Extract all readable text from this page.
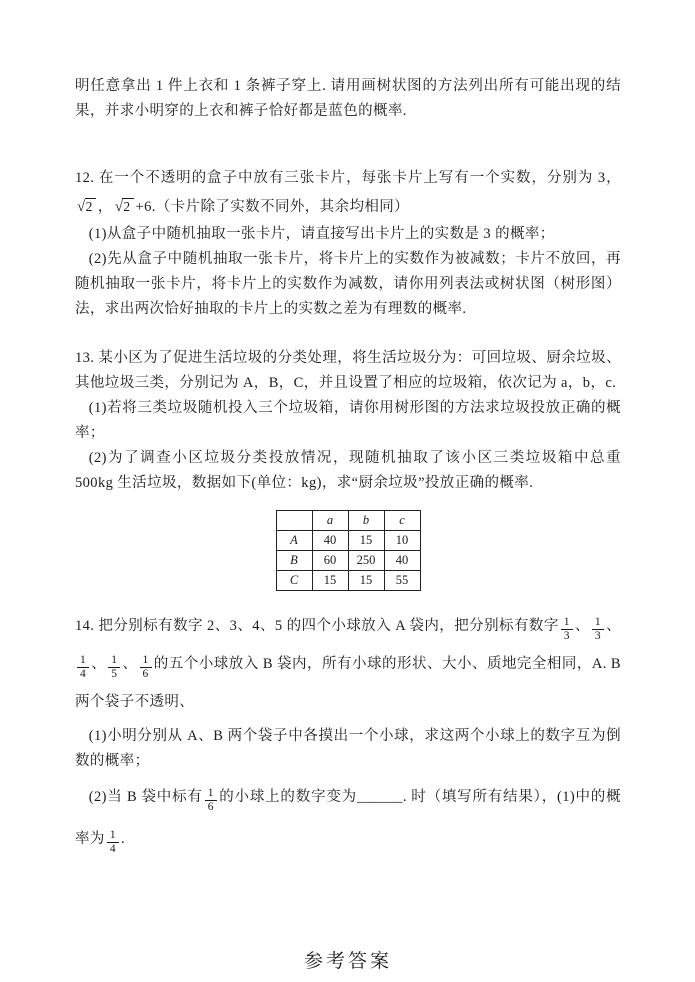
明任意拿出 1 件上衣和 1 条裤子穿上. 请用画树状图的方法列出所有可能出现的结果，并求小明穿的上衣和裤子恰好都是蓝色的概率.

12. 在一个不透明的盒子中放有三张卡片，每张卡片上写有一个实数，分别为 3，√2 ， √2 +6.（卡片除了实数不同外，其余均相同）

(1)从盒子中随机抽取一张卡片，请直接写出卡片上的实数是 3 的概率；

(2)先从盒子中随机抽取一张卡片，将卡片上的实数作为被减数；卡片不放回，再随机抽取一张卡片，将卡片上的实数作为减数，请你用列表法或树状图（树形图）法，求出两次恰好抽取的卡片上的实数之差为有理数的概率.

13. 某小区为了促进生活垃圾的分类处理，将生活垃圾分为：可回垃圾、厨余垃圾、其他垃圾三类，分别记为 A，B，C，并且设置了相应的垃圾箱，依次记为 a，b，c.

(1)若将三类垃圾随机投入三个垃圾箱，请你用树形图的方法求垃圾投放正确的概率；

(2)为了调查小区垃圾分类投放情况，现随机抽取了该小区三类垃圾箱中总重 500kg 生活垃圾，数据如下(单位：kg)，求“厨余垃圾”投放正确的概率.

	a	b	c
A	40	15	10
B	60	250	40
C	15	15	55

14. 把分别标有数字 2、3、4、5 的四个小球放入 A 袋内，把分别标有数字 $\frac{1}{3}$ 、 $\frac{1}{3}$ 、
$\frac{1}{4}$ 、 $\frac{1}{5}$ 、 $\frac{1}{6}$ 的五个小球放入 B 袋内，所有小球的形状、大小、质地完全相同，A. B 两个袋子不透明、

(1)小明分别从 A、B 两个袋子中各摸出一个小球，求这两个小球上的数字互为倒数的概率；

(2)当 B 袋中标有 $\frac{1}{6}$ 的小球上的数字变为______. 时（填写所有结果），(1)中的概率为 $\frac{1}{4}$ .

参考答案
